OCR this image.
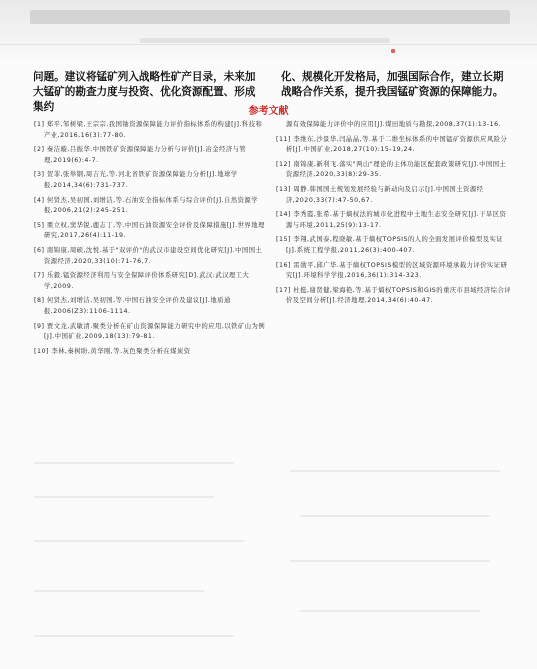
问题。建议将锰矿列入战略性矿产目录，未来加大锰矿的勘查力度与投资、优化资源配置、形成集约

化、规模化开发格局，加强国际合作，建立长期战略合作关系，提升我国锰矿资源的保障能力。

参考文献

[1] 郑平,邹树梁,王宗宗.我国铀资源保障能力评价指标体系的构建[J].科技和产业,2016,16(3):77-80.

[2] 秦洁璇,吕振华.中国铁矿资源保障能力分析与评价[J].冶金经济与管理,2019(6):4-7.

[3] 贺菲,张举钢,周吉光,等.河北省铁矿资源保障能力分析[J].地球学报,2014,34(6):731-737.

[4] 何贤杰,吴初国,刘增洁,等.石油安全指标体系与综合评价[J].自然资源学报,2006,21(2):245-251.

[5] 栗立权,窦华锐,鹿志丁,等.中国石油资源安全评价及保障措施[J].世界地理研究,2017,26(4):11-19.

[6] 南锦康,周硕,沈悦.基于"双评价"的武汉市建设空间优化研究[J].中国国土资源经济,2020,33(10):71-76,7.

[7] 乐毅.锰资源经济利用与安全保障评价体系研究[D].武汉:武汉理工大学,2009.

[8] 何贤杰,刘增洁,吴初国,等.中国石油安全评价及建议[J].地质通报,2006(Z3):1106-1114.

[9] 贾文龙,武敏清.聚类分析在矿山资源保障能力研究中的应用,以铁矿山为例[J].中国矿业,2009,18(13):79-81.

[10] 李林,秦树盼,黄华刚,等.灰色聚类分析在煤炭资

源有效保障能力评价中的应用[J].煤田地质与勘探,2008,37(1):13-16.

[11] 李维东,沙景华,闫晶晶,等.基于二维坐标体系的中国锰矿资源供应风险分析[J].中国矿业,2018,27(10):15-19,24.

[12] 南锦康,新利飞.落实"两山"理论的主体功能区配套政策研究[J].中国国土资源经济,2020,33(8):29-35.

[13] 周静.韩国国土规划发展经验与新动向及启示[J].中国国土资源经济,2020,33(7):47-50,67.

[14] 李秀霞,张希.基于熵权法的城市化进程中土地生态安全研究[J].干旱区资源与环境,2011,25(9):13-17.

[15] 李翔,武国泰,程晓敏.基于熵权TOPSIS的人的全面发展评价模型及实证[J].系统工程学报,2011,26(3):400-407.

[16] 雷勋平,邱广华.基于熵权TOPSIS模型的区域资源环境承载力评价实证研究[J].环境科学学报,2016,36(1):314-323.

[17] 杜挺,谢贤健,梁海艳,等.基于熵权TOPSIS和GIS的重庆市县域经济综合评价及空间分析[J].经济地理,2014,34(6):40-47.
